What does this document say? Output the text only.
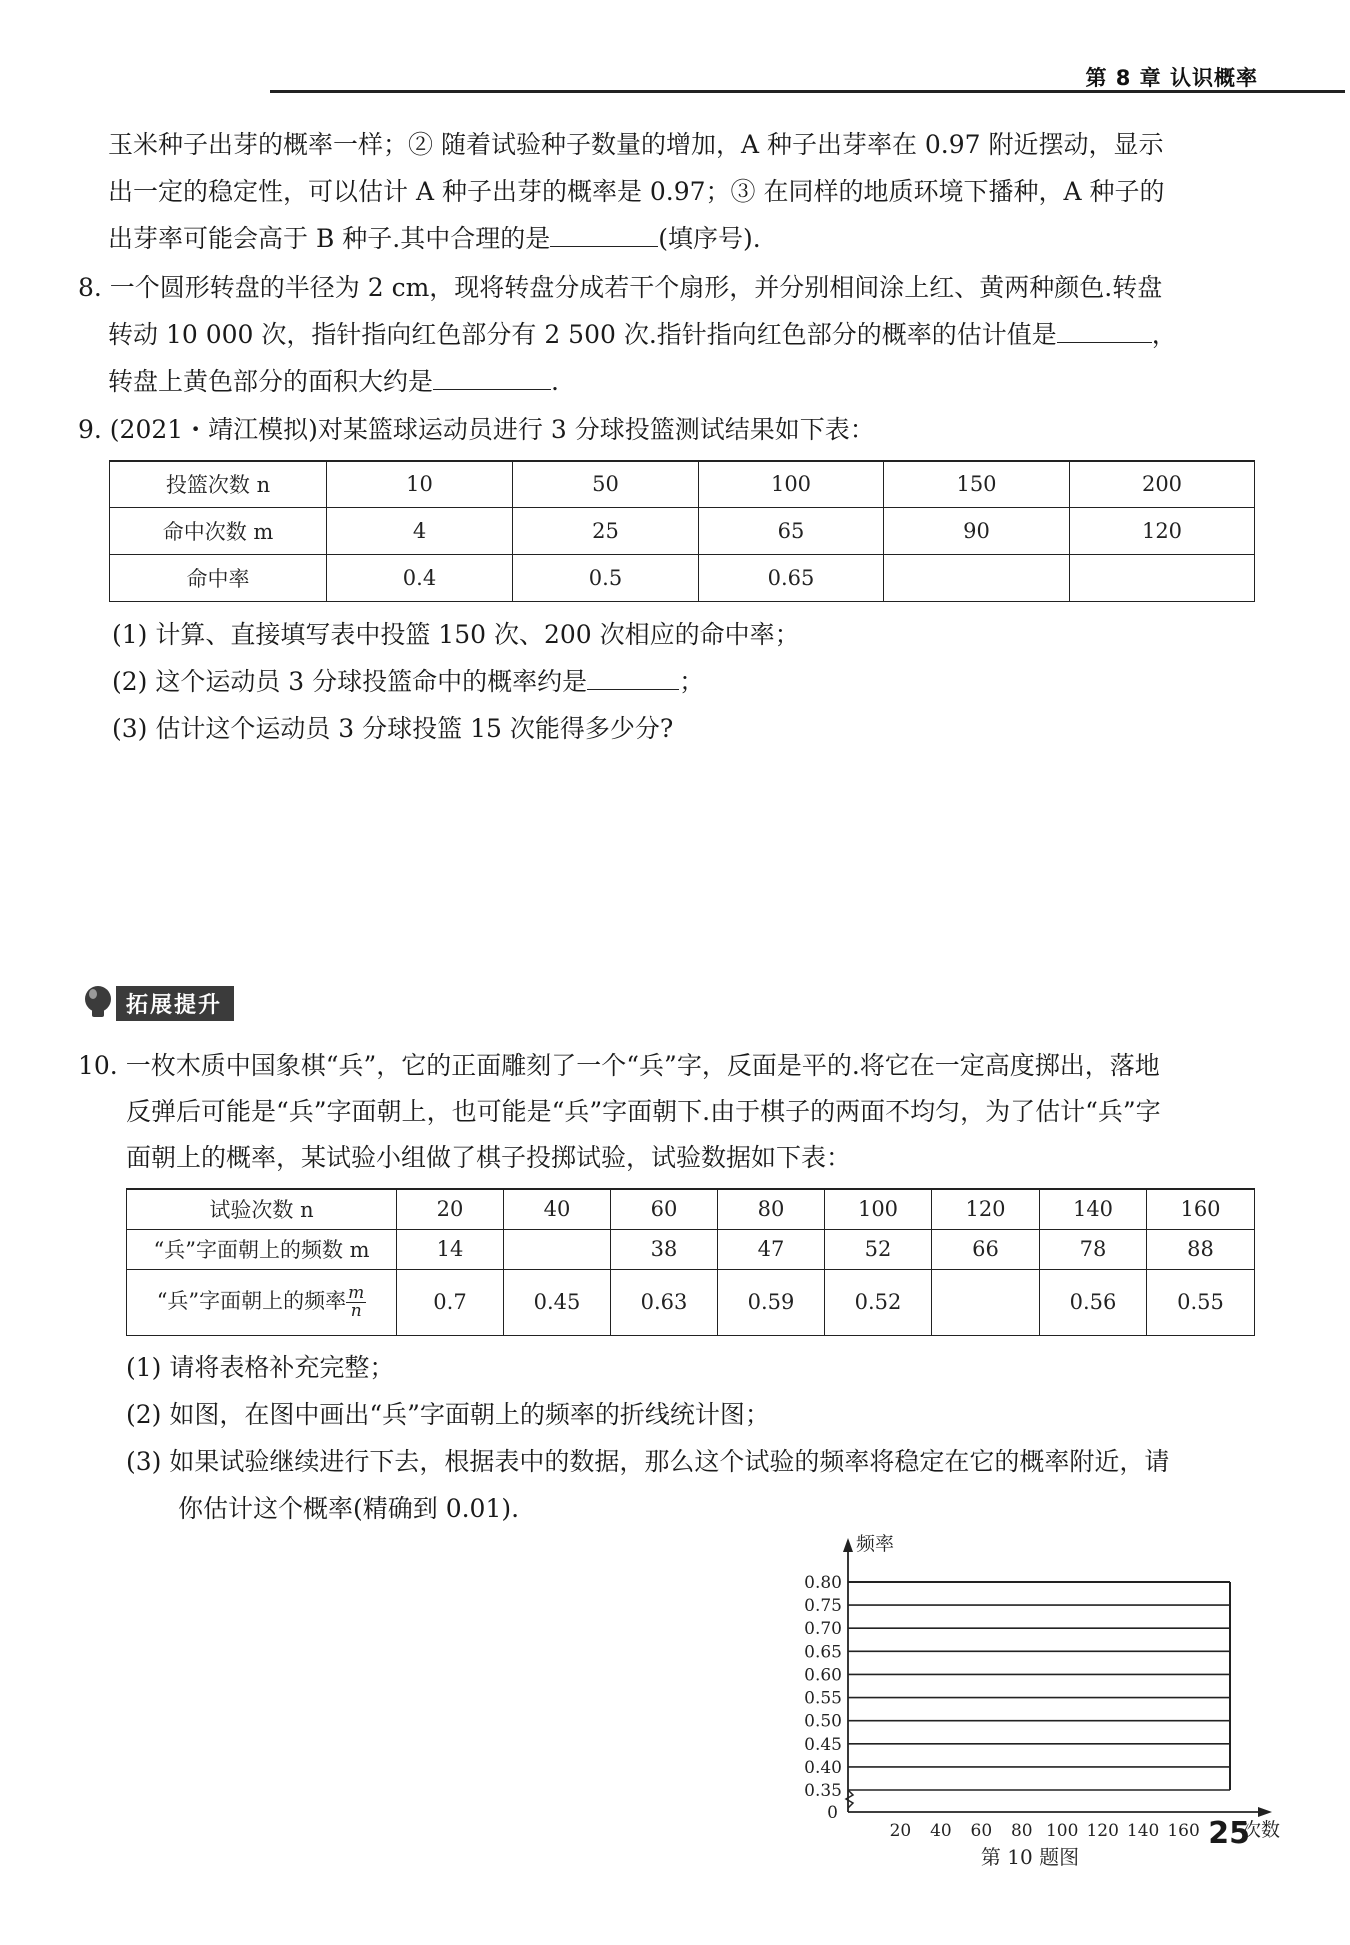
第 8 章 认识概率
玉米种子出芽的概率一样；② 随着试验种子数量的增加，A 种子出芽率在 0.97 附近摆动，显示
出一定的稳定性，可以估计 A 种子出芽的概率是 0.97；③ 在同样的地质环境下播种，A 种子的
出芽率可能会高于 B 种子.其中合理的是	(填序号).
8. 一个圆形转盘的半径为 2 cm，现将转盘分成若干个扇形，并分别相间涂上红、黄两种颜色.转盘
转动 10 000 次，指针指向红色部分有 2 500 次.指针指向红色部分的概率的估计值是	，
转盘上黄色部分的面积大约是	.
9. (2021・靖江模拟)对某篮球运动员进行 3 分球投篮测试结果如下表：
投篮次数 n	10	50	100	150	200
命中次数 m	4	25	65	90	120
命中率	0.4	0.5	0.65		
(1) 计算、直接填写表中投篮 150 次、200 次相应的命中率；
(2) 这个运动员 3 分球投篮命中的概率约是	；
(3) 估计这个运动员 3 分球投篮 15 次能得多少分?
拓展提升
10. 一枚木质中国象棋“兵”，它的正面雕刻了一个“兵”字，反面是平的.将它在一定高度掷出，落地
反弹后可能是“兵”字面朝上，也可能是“兵”字面朝下.由于棋子的两面不均匀，为了估计“兵”字
面朝上的概率，某试验小组做了棋子投掷试验，试验数据如下表：
试验次数 n	20	40	60	80	100	120	140	160
“兵”字面朝上的频数 m	14		38	47	52	66	78	88
“兵”字面朝上的频率 $\frac{m}{n}$	0.7	0.45	0.63	0.59	0.52		0.56	0.55
(1) 请将表格补充完整；
(2) 如图，在图中画出“兵”字面朝上的频率的折线统计图；
(3) 如果试验继续进行下去，根据表中的数据，那么这个试验的频率将稳定在它的概率附近，请
你估计这个概率(精确到 0.01).
0.35
0.40
0.45
0.50
0.55
0.60
0.65
0.70
0.75
0.80
20 40 60 80 100 120 140 160
频率
次数
0
第 10 题图
25
